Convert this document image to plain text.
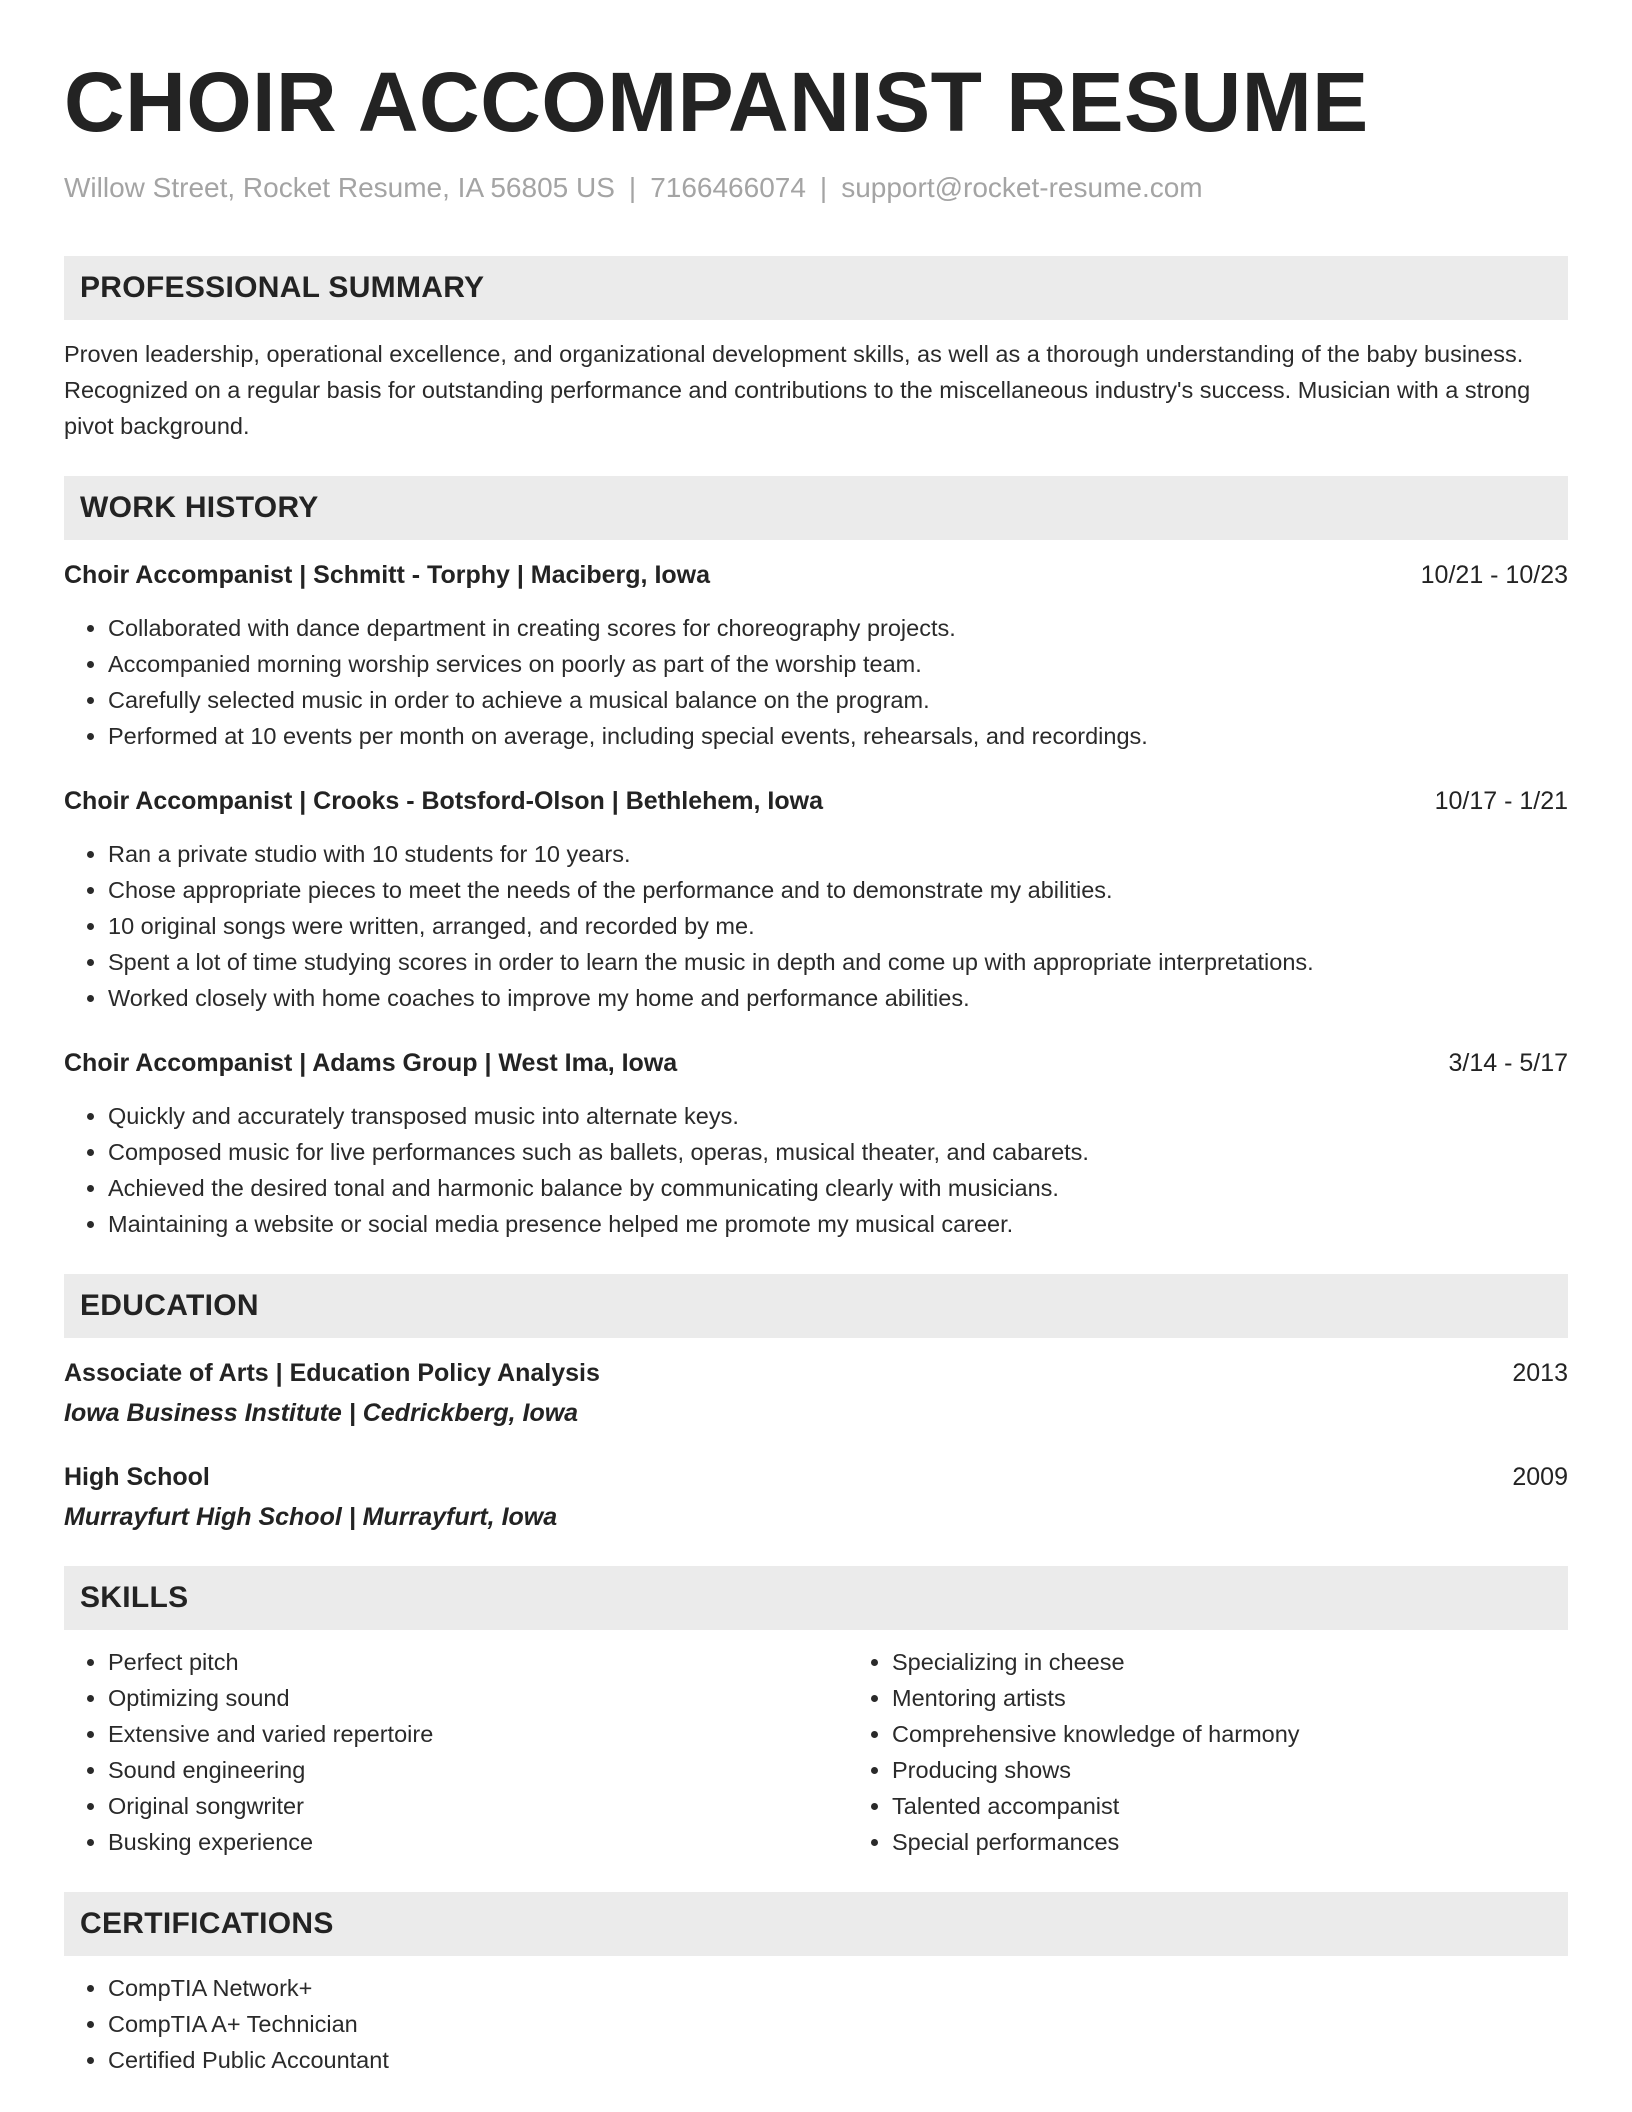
CHOIR ACCOMPANIST RESUME
Willow Street, Rocket Resume, IA 56805 US | 7166466074 | support@rocket-resume.com
PROFESSIONAL SUMMARY

Proven leadership, operational excellence, and organizational development skills, as well as a thorough understanding of the baby business. Recognized on a regular basis for outstanding performance and contributions to the miscellaneous industry's success. Musician with a strong pivot background.

WORK HISTORY
Choir Accompanist | Schmitt - Torphy | Maciberg, Iowa	10/21 - 10/23
• Collaborated with dance department in creating scores for choreography projects.
• Accompanied morning worship services on poorly as part of the worship team.
• Carefully selected music in order to achieve a musical balance on the program.
• Performed at 10 events per month on average, including special events, rehearsals, and recordings.
Choir Accompanist | Crooks - Botsford-Olson | Bethlehem, Iowa	10/17 - 1/21
• Ran a private studio with 10 students for 10 years.
• Chose appropriate pieces to meet the needs of the performance and to demonstrate my abilities.
• 10 original songs were written, arranged, and recorded by me.
• Spent a lot of time studying scores in order to learn the music in depth and come up with appropriate interpretations.
• Worked closely with home coaches to improve my home and performance abilities.
Choir Accompanist | Adams Group | West Ima, Iowa	3/14 - 5/17
• Quickly and accurately transposed music into alternate keys.
• Composed music for live performances such as ballets, operas, musical theater, and cabarets.
• Achieved the desired tonal and harmonic balance by communicating clearly with musicians.
• Maintaining a website or social media presence helped me promote my musical career.
EDUCATION
Associate of Arts | Education Policy Analysis	2013
Iowa Business Institute | Cedrickberg, Iowa
High School	2009
Murrayfurt High School | Murrayfurt, Iowa
SKILLS
• Perfect pitch
• Optimizing sound
• Extensive and varied repertoire
• Sound engineering
• Original songwriter
• Busking experience
• Specializing in cheese
• Mentoring artists
• Comprehensive knowledge of harmony
• Producing shows
• Talented accompanist
• Special performances
CERTIFICATIONS
• CompTIA Network+
• CompTIA A+ Technician
• Certified Public Accountant
